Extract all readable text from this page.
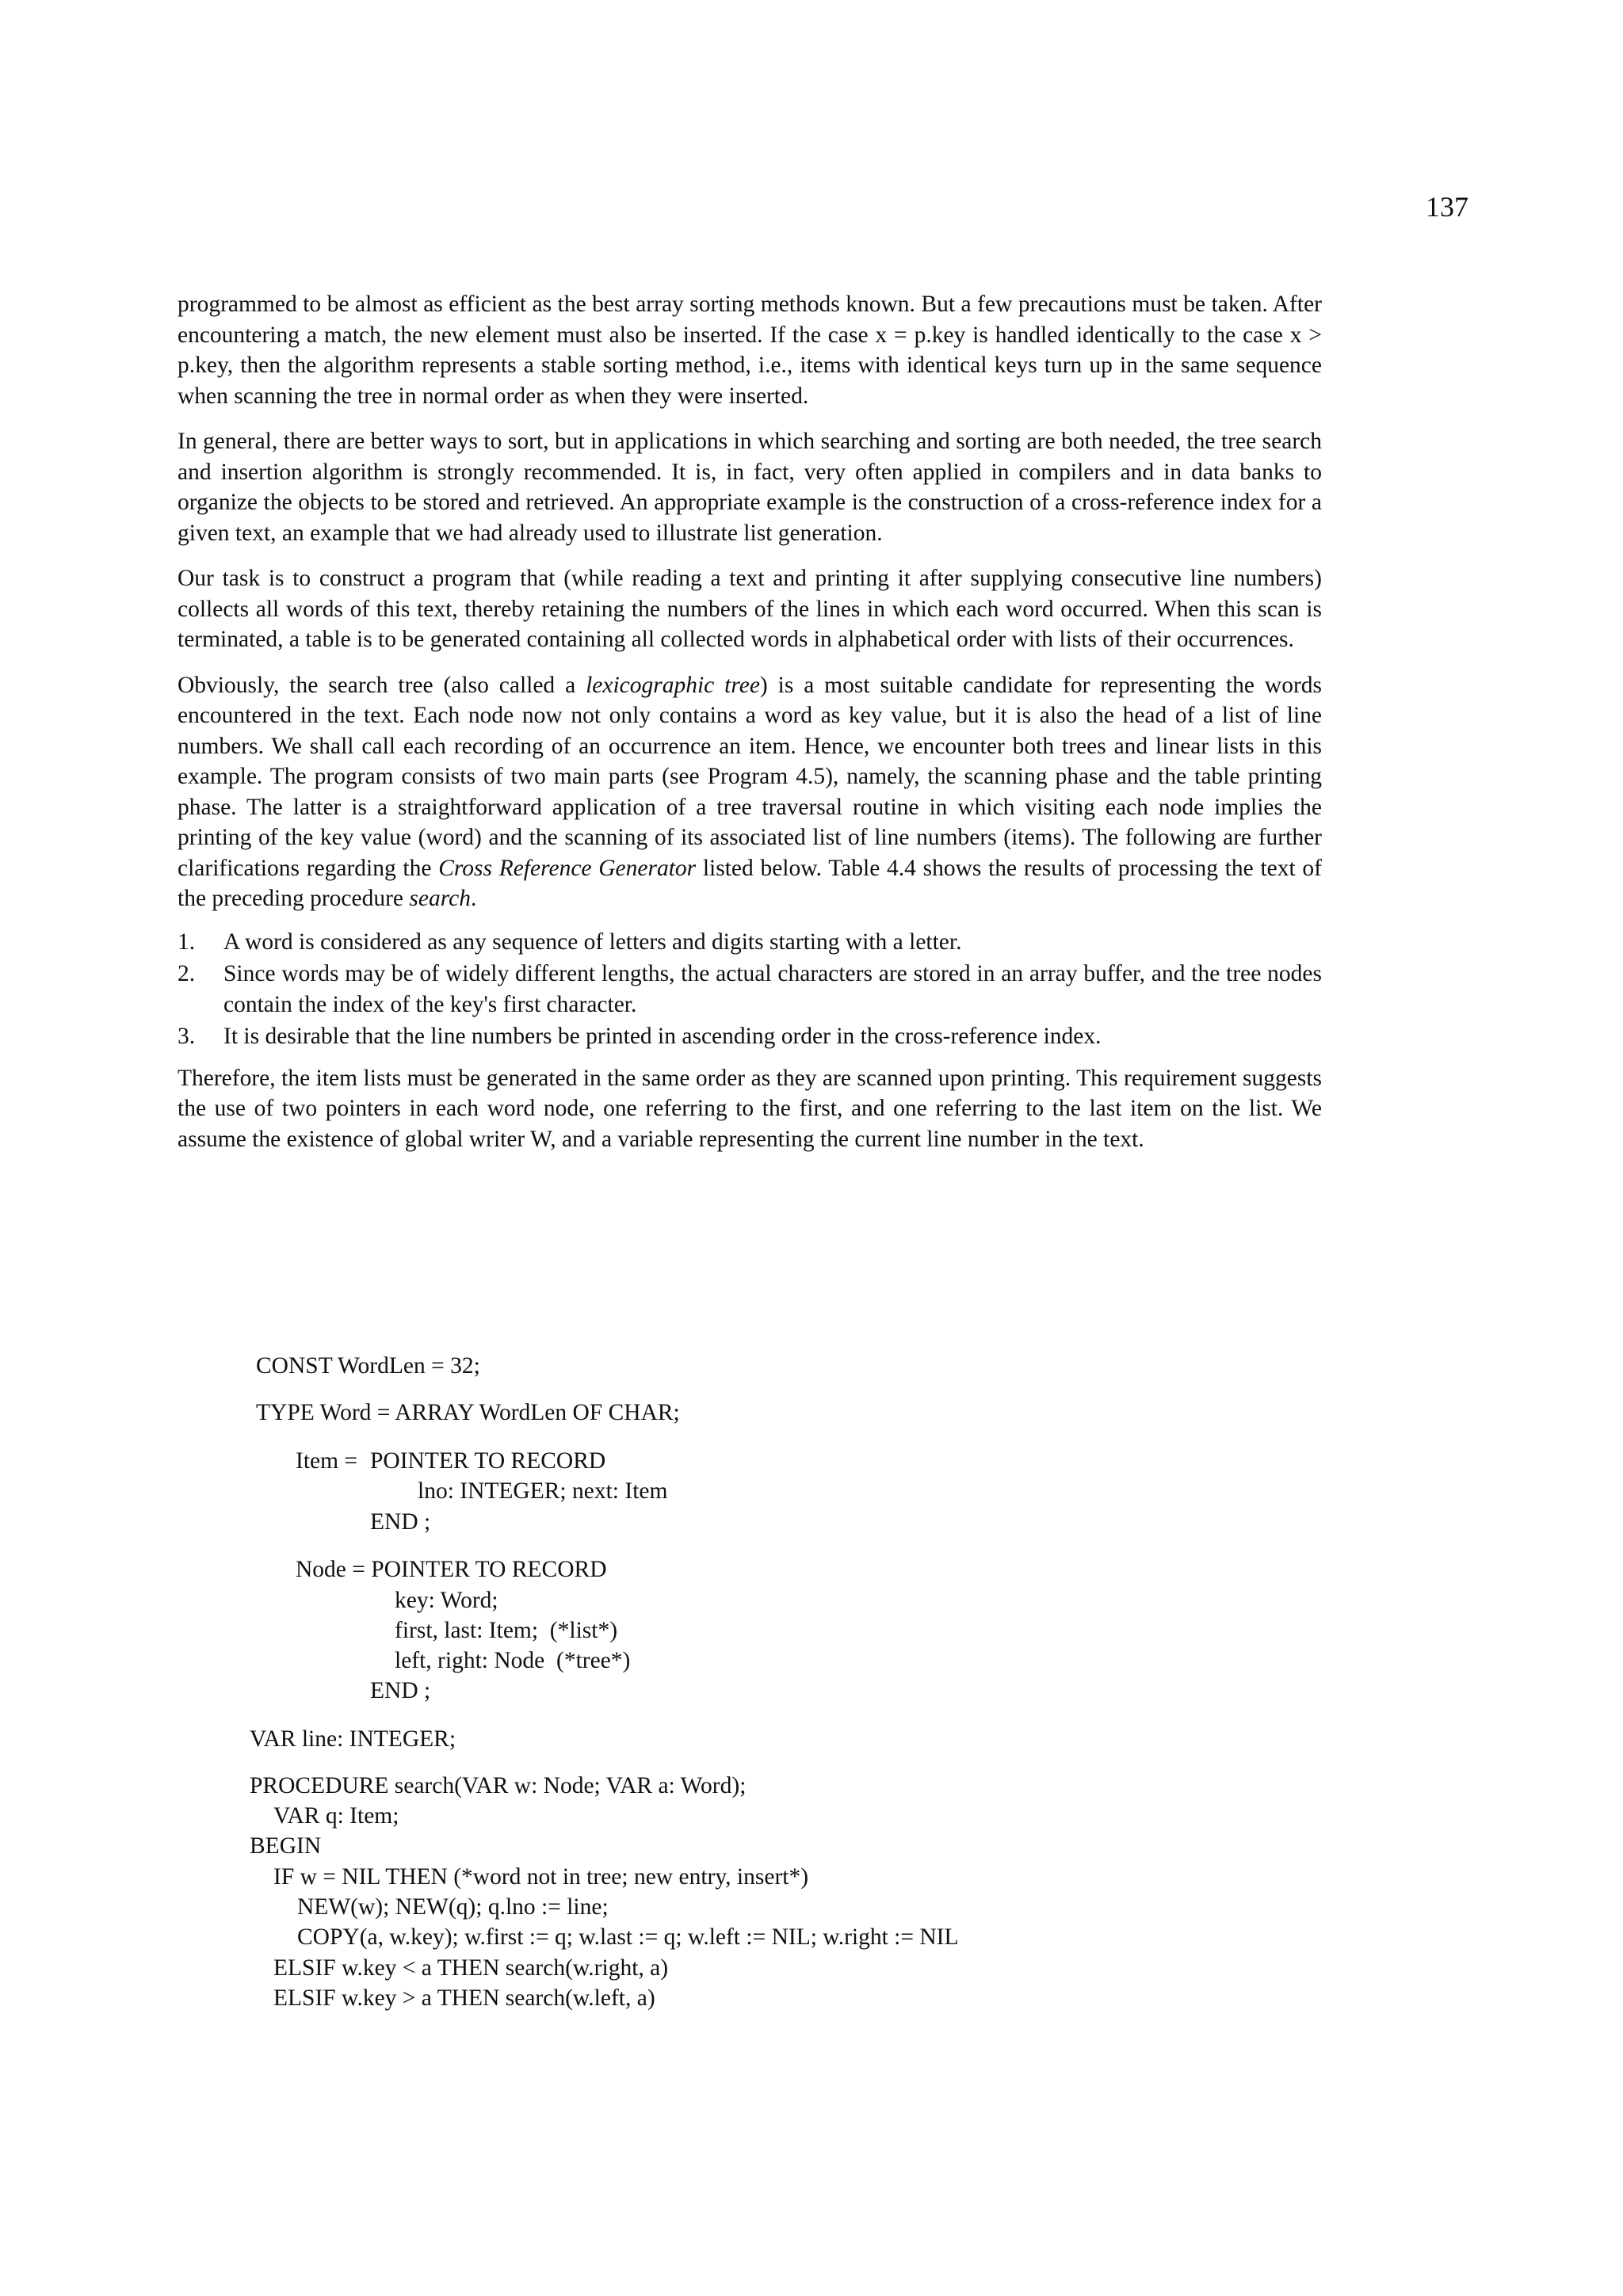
137

programmed to be almost as efficient as the best array sorting methods known. But a few precautions must be taken. After encountering a match, the new element must also be inserted. If the case x = p.key is handled identically to the case x > p.key, then the algorithm represents a stable sorting method, i.e., items with identical keys turn up in the same sequence when scanning the tree in normal order as when they were inserted.

In general, there are better ways to sort, but in applications in which searching and sorting are both needed, the tree search and insertion algorithm is strongly recommended. It is, in fact, very often applied in compilers and in data banks to organize the objects to be stored and retrieved. An appropriate example is the construction of a cross-reference index for a given text, an example that we had already used to illustrate list generation.

Our task is to construct a program that (while reading a text and printing it after supplying consecutive line numbers) collects all words of this text, thereby retaining the numbers of the lines in which each word occurred. When this scan is terminated, a table is to be generated containing all collected words in alphabetical order with lists of their occurrences.

Obviously, the search tree (also called a lexicographic tree) is a most suitable candidate for representing the words encountered in the text. Each node now not only contains a word as key value, but it is also the head of a list of line numbers. We shall call each recording of an occurrence an item. Hence, we encounter both trees and linear lists in this example. The program consists of two main parts (see Program 4.5), namely, the scanning phase and the table printing phase. The latter is a straightforward application of a tree traversal routine in which visiting each node implies the printing of the key value (word) and the scanning of its associated list of line numbers (items). The following are further clarifications regarding the Cross Reference Generator listed below. Table 4.4 shows the results of processing the text of the preceding procedure search.

1. A word is considered as any sequence of letters and digits starting with a letter.
2. Since words may be of widely different lengths, the actual characters are stored in an array buffer, and the tree nodes contain the index of the key's first character.
3. It is desirable that the line numbers be printed in ascending order in the cross-reference index.

Therefore, the item lists must be generated in the same order as they are scanned upon printing. This requirement suggests the use of two pointers in each word node, one referring to the first, and one referring to the last item on the list. We assume the existence of global writer W, and a variable representing the current line number in the text.

CONST WordLen = 32;

TYPE Word = ARRAY WordLen OF CHAR;

Item =

POINTER TO RECORD

lno: INTEGER; next: Item

END ;

Node = POINTER TO RECORD

key: Word;

first, last: Item;  (*list*)

left, right: Node  (*tree*)

END ;

VAR line: INTEGER;

PROCEDURE search(VAR w: Node; VAR a: Word);

VAR q: Item;

BEGIN

IF w = NIL THEN (*word not in tree; new entry, insert*)

NEW(w); NEW(q); q.lno := line;

COPY(a, w.key); w.first := q; w.last := q; w.left := NIL; w.right := NIL

ELSIF w.key < a THEN search(w.right, a)

ELSIF w.key > a THEN search(w.left, a)
